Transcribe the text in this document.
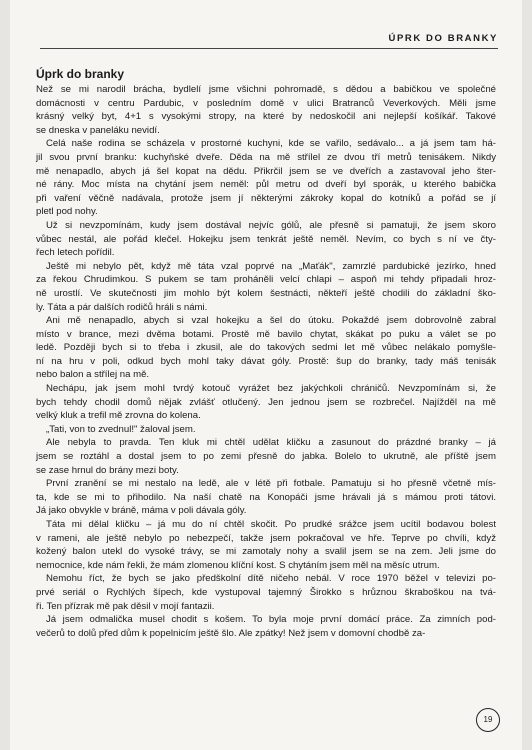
ÚPRK DO BRANKY
Úprk do branky

Než se mi narodil brácha, bydlelí jsme všichni pohromadě, s dědou a babičkou ve společné

domácnosti v centru Pardubic, v posledním domě v ulici Bratranců Veverkových. Měli jsme

krásný velký byt, 4+1 s vysokými stropy, na které by nedoskočil ani nejlepší košíkář. Takové

se dneska v paneláku nevidí.

Celá naše rodina se scházela v prostorné kuchyni, kde se vařilo, sedávalo... a já jsem tam há-

jil svou první branku: kuchyňské dveře. Děda na mě střílel ze dvou tří metrů tenisákem. Nikdy

mě nenapadlo, abych já šel kopat na dědu. Přikrčil jsem se ve dveřích a zastavoval jeho šter-

né rány. Moc místa na chytání jsem neměl: půl metru od dveří byl sporák, u kterého babička

při vaření věčně nadávala, protože jsem jí některými zákroky kopal do kotníků a pořád se jí

pletl pod nohy.

Už si nevzpomínám, kudy jsem dostával nejvíc gólů, ale přesně si pamatuji, že jsem skoro

vůbec nestál, ale pořád klečel. Hokejku jsem tenkrát ještě neměl. Nevím, co bych s ní ve čty-

řech letech pořídil.

Ještě mi nebylo pět, když mě táta vzal poprvé na „Maťák", zamrzlé pardubické jezírko, hned

za řekou Chrudimkou. S pukem se tam proháněli velcí chlapi – aspoň mi tehdy připadali hroz-

ně urostlí. Ve skutečnosti jim mohlo být kolem šestnácti, někteří ještě chodili do základní ško-

ly. Táta a pár dalších rodičů hráli s námi.

Ani mě nenapadlo, abych si vzal hokejku a šel do útoku. Pokaždé jsem dobrovolně zabral

místo v brance, mezi dvěma botami. Prostě mě bavilo chytat, skákat po puku a válet se po

ledě. Později bych si to třeba i zkusil, ale do takových sedmi let mě vůbec nelákalo pomyšle-

ní na hru v poli, odkud bych mohl taky dávat góly. Prostě: šup do branky, tady máš tenisák

nebo balon a střílej na mě.

Nechápu, jak jsem mohl tvrdý kotouč vyrážet bez jakýchkoli chráničů. Nevzpomínám si, že

bych tehdy chodil domů nějak zvlášť otlučený. Jen jednou jsem se rozbrečel. Najížděl na mě

velký kluk a trefil mě zrovna do kolena.

„Tati, von to zvednul!" žaloval jsem.

Ale nebyla to pravda. Ten kluk mi chtěl udělat kličku a zasunout do prázdné branky – já

jsem se roztáhl a dostal jsem to po zemi přesně do jabka. Bolelo to ukrutně, ale příště jsem

se zase hrnul do brány mezi boty.

První zranění se mi nestalo na ledě, ale v létě při fotbale. Pamatuju si ho přesně včetně mís-

ta, kde se mi to přihodilo. Na naší chatě na Konopáči jsme hrávali já s mámou proti tátovi.

Já jako obvykle v bráně, máma v poli dávala góly.

Táta mi dělal kličku – já mu do ní chtěl skočit. Po prudké srážce jsem ucítil bodavou bolest

v rameni, ale ještě nebylo po nebezpečí, takže jsem pokračoval ve hře. Teprve po chvíli, když

kožený balon utekl do vysoké trávy, se mi zamotaly nohy a svalil jsem se na zem. Jeli jsme do

nemocnice, kde nám řekli, že mám zlomenou klíční kost. S chytáním jsem měl na měsíc utrum.

Nemohu říct, že bych se jako předškolní dítě ničeho nebál. V roce 1970 běžel v televizi po-

prvé seriál o Rychlých šípech, kde vystupoval tajemný Širokko s hrůznou škraboškou na tvá-

ři. Ten přízrak mě pak děsil v mojí fantazii.

Já jsem odmalička musel chodit s košem. To byla moje první domácí práce. Za zimních pod-

večerů to dolů před dům k popelnicím ještě šlo. Ale zpátky! Než jsem v domovní chodbě za-

19
